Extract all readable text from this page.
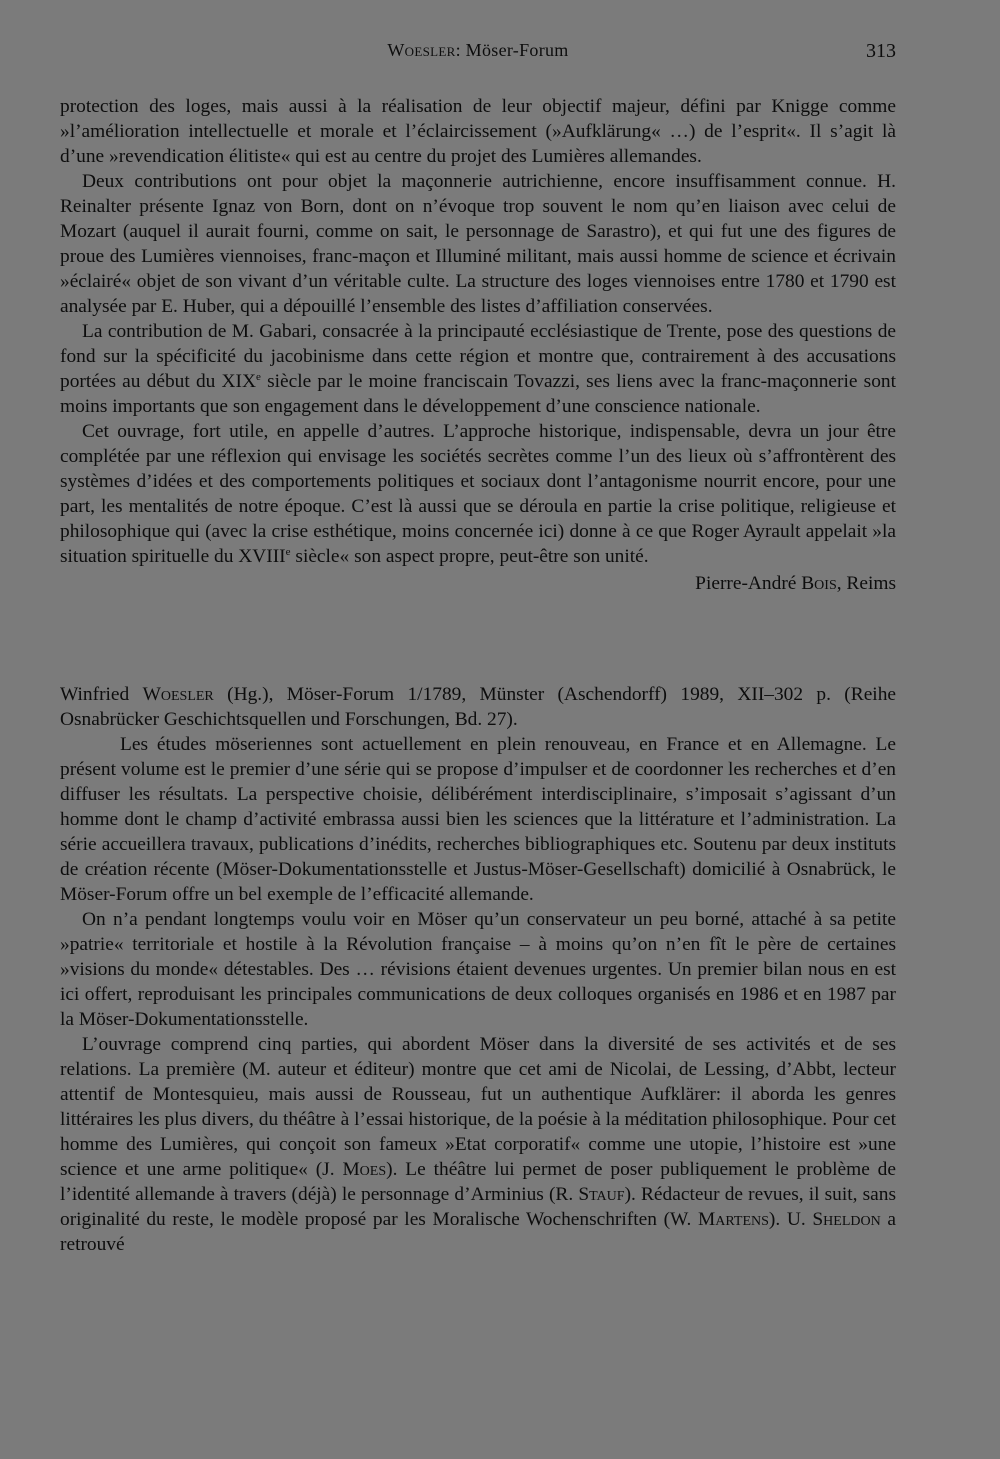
Woesler: Möser-Forum	313

protection des loges, mais aussi à la réalisation de leur objectif majeur, défini par Knigge comme »l’amélioration intellectuelle et morale et l’éclaircissement (»Aufklärung« …) de l’esprit«. Il s’agit là d’une »revendication élitiste« qui est au centre du projet des Lumières allemandes.

Deux contributions ont pour objet la maçonnerie autrichienne, encore insuffisamment connue. H. Reinalter présente Ignaz von Born, dont on n’évoque trop souvent le nom qu’en liaison avec celui de Mozart (auquel il aurait fourni, comme on sait, le personnage de Sarastro), et qui fut une des figures de proue des Lumières viennoises, franc-maçon et Illuminé militant, mais aussi homme de science et écrivain »éclairé« objet de son vivant d’un véritable culte. La structure des loges viennoises entre 1780 et 1790 est analysée par E. Huber, qui a dépouillé l’ensemble des listes d’affiliation conservées.

La contribution de M. Gabari, consacrée à la principauté ecclésiastique de Trente, pose des questions de fond sur la spécificité du jacobinisme dans cette région et montre que, contrairement à des accusations portées au début du XIXe siècle par le moine franciscain Tovazzi, ses liens avec la franc-maçonnerie sont moins importants que son engagement dans le développement d’une conscience nationale.

Cet ouvrage, fort utile, en appelle d’autres. L’approche historique, indispensable, devra un jour être complétée par une réflexion qui envisage les sociétés secrètes comme l’un des lieux où s’affrontèrent des systèmes d’idées et des comportements politiques et sociaux dont l’antagonisme nourrit encore, pour une part, les mentalités de notre époque. C’est là aussi que se déroula en partie la crise politique, religieuse et philosophique qui (avec la crise esthétique, moins concernée ici) donne à ce que Roger Ayrault appelait »la situation spirituelle du XVIIIe siècle« son aspect propre, peut-être son unité.

Pierre-André Bois, Reims

Winfried Woesler (Hg.), Möser-Forum 1/1789, Münster (Aschendorff) 1989, XII–302 p. (Reihe Osnabrücker Geschichtsquellen und Forschungen, Bd. 27).

Les études möseriennes sont actuellement en plein renouveau, en France et en Allemagne. Le présent volume est le premier d’une série qui se propose d’impulser et de coordonner les recherches et d’en diffuser les résultats. La perspective choisie, délibérément interdisciplinaire, s’imposait s’agissant d’un homme dont le champ d’activité embrassa aussi bien les sciences que la littérature et l’administration. La série accueillera travaux, publications d’inédits, recherches bibliographiques etc. Soutenu par deux instituts de création récente (Möser-Dokumentationsstelle et Justus-Möser-Gesellschaft) domicilié à Osnabrück, le Möser-Forum offre un bel exemple de l’efficacité allemande.

On n’a pendant longtemps voulu voir en Möser qu’un conservateur un peu borné, attaché à sa petite »patrie« territoriale et hostile à la Révolution française – à moins qu’on n’en fît le père de certaines »visions du monde« détestables. Des … révisions étaient devenues urgentes. Un premier bilan nous en est ici offert, reproduisant les principales communications de deux colloques organisés en 1986 et en 1987 par la Möser-Dokumentationsstelle.

L’ouvrage comprend cinq parties, qui abordent Möser dans la diversité de ses activités et de ses relations. La première (M. auteur et éditeur) montre que cet ami de Nicolai, de Lessing, d’Abbt, lecteur attentif de Montesquieu, mais aussi de Rousseau, fut un authentique Aufklärer: il aborda les genres littéraires les plus divers, du théâtre à l’essai historique, de la poésie à la méditation philosophique. Pour cet homme des Lumières, qui conçoit son fameux »Etat corporatif« comme une utopie, l’histoire est »une science et une arme politique« (J. Moes). Le théâtre lui permet de poser publiquement le problème de l’identité allemande à travers (déjà) le personnage d’Arminius (R. Stauf). Rédacteur de revues, il suit, sans originalité du reste, le modèle proposé par les Moralische Wochenschriften (W. Martens). U. Sheldon a retrouvé
